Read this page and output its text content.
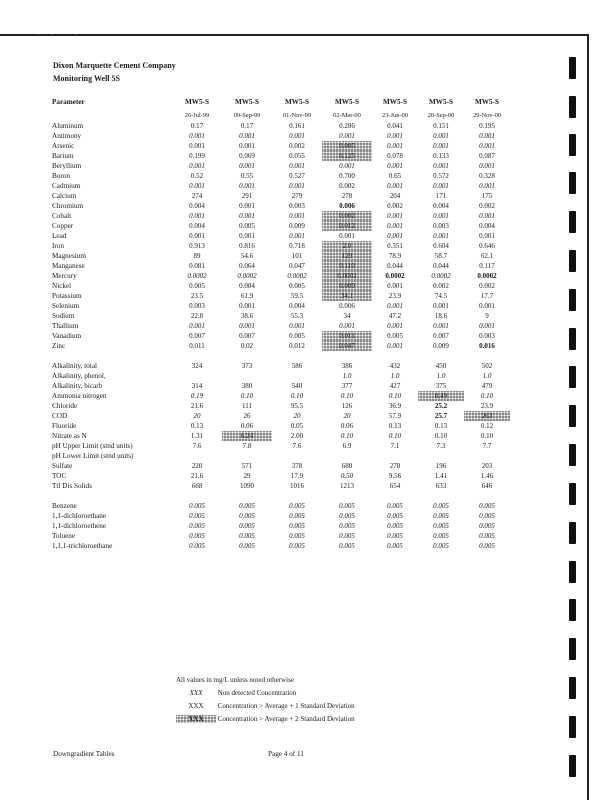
Dixon Marquette Cement Company
Monitoring Well 5S
Parameter	MW5-S	MW5-S	MW5-S	MW5-S	MW5-S	MW5-S	MW5-S
	26-Jul-99	09-Sep-99	01-Nov-99	02-Mar-00	23-Jun-00	20-Sep-00	29-Nov-00
Aluminum	0.17	0.17	0.161	0.286	0.041	0.151	0.195
Antimony	0.001	0.001	0.001	0.001	0.001	0.001	0.001
Arsenic	0.001	0.001	0.002	0.005	0.001	0.001	0.001
Barium	0.199	0.069	0.055	0.125	0.078	0.133	0.087
Beryllium	0.001	0.001	0.001	0.001	0.001	0.001	0.001
Boron	0.52	0.55	0.527	0.700	0.65	0.572	0.328
Cadmium	0.001	0.001	0.001	0.002	0.001	0.001	0.001
Calcium	274	291	279	278	204	171	175
Chromium	0.004	0.001	0.003	0.006	0.002	0.004	0.002
Cobalt	0.001	0.001	0.001	0.002	0.001	0.001	0.001
Copper	0.004	0.005	0.009	0.012	0.001	0.003	0.004
Lead	0.001	0.001	0.001	0.001	0.001	0.001	0.001
Iron	0.913	0.816	0.718	2.0	0.351	0.604	0.646
Magnesium	89	54.6	101	129	78.9	58.7	62.1
Manganese	0.081	0.064	0.047	0.110	0.044	0.044	0.117
Mercury	0.0002	0.0002	0.0002	0.0002	0.0002	0.0002	0.0002
Nickel	0.005	0.004	0.005	0.009	0.001	0.002	0.002
Potassium	23.5	61.9	59.5	34.1	23.9	74.5	17.7
Selenium	0.003	0.001	0.004	0.006	0.001	0.001	0.001
Sodium	22.8	38.6	55.3	34	47.2	18.6	9
Thallium	0.001	0.001	0.001	0.001	0.001	0.001	0.001
Vanadium	0.007	0.007	0.005	0.011	0.005	0.007	0.003
Zinc	0.011	0.02	0.012	0.047	0.001	0.009	0.016

Alkalinity, total	324	373	586	386	432	450	502
Alkalinity, phenol,				1.0	1.0	1.0	1.0
Alkalinity, bicarb	314	380	540	377	427	375	479
Ammonia nitrogen	0.19	0.10	0.10	0.10	0.10	0.49	0.10
Chloride	21.6	111	95.5	126	36.9	25.2	23.9
COD	20	26	20	20	57.9	25.7	263
Fluoride	0.13	0.06	0.05	0.06	0.13	0.13	0.12
Nitrate as N	1.31	6.24	2.00	0.10	0.10	0.10	0.10
pH Upper Limit (stnd units)	7.6	7.8	7.6	6.9	7.1	7.3	7.7
pH Lower Limit (stnd units)							
Sulfate	220	571	378	680	278	196	203
TOC	21.6	29	17.9	0.50	9.56	1.41	1.46
Ttl Dis Solids	668	1090	1016	1213	654	633	646

Benzene	0.005	0.005	0.005	0.005	0.005	0.005	0.005
1,1-dichloroethane	0.005	0.005	0.005	0.005	0.005	0.005	0.005
1,1-dichloroethene	0.005	0.005	0.005	0.005	0.005	0.005	0.005
Toluene	0.005	0.005	0.005	0.005	0.005	0.005	0.005
1,1,1-trichloroethane	0.005	0.005	0.005	0.005	0.005	0.005	0.005
All values in mg/L unless noted otherwise
XXX Non detected Concentration
XXX Concentration > Average + 1 Standard Deviation
XXX Concentration > Average + 2 Standard Deviation
Downgradient Tables	Page 4 of 11
